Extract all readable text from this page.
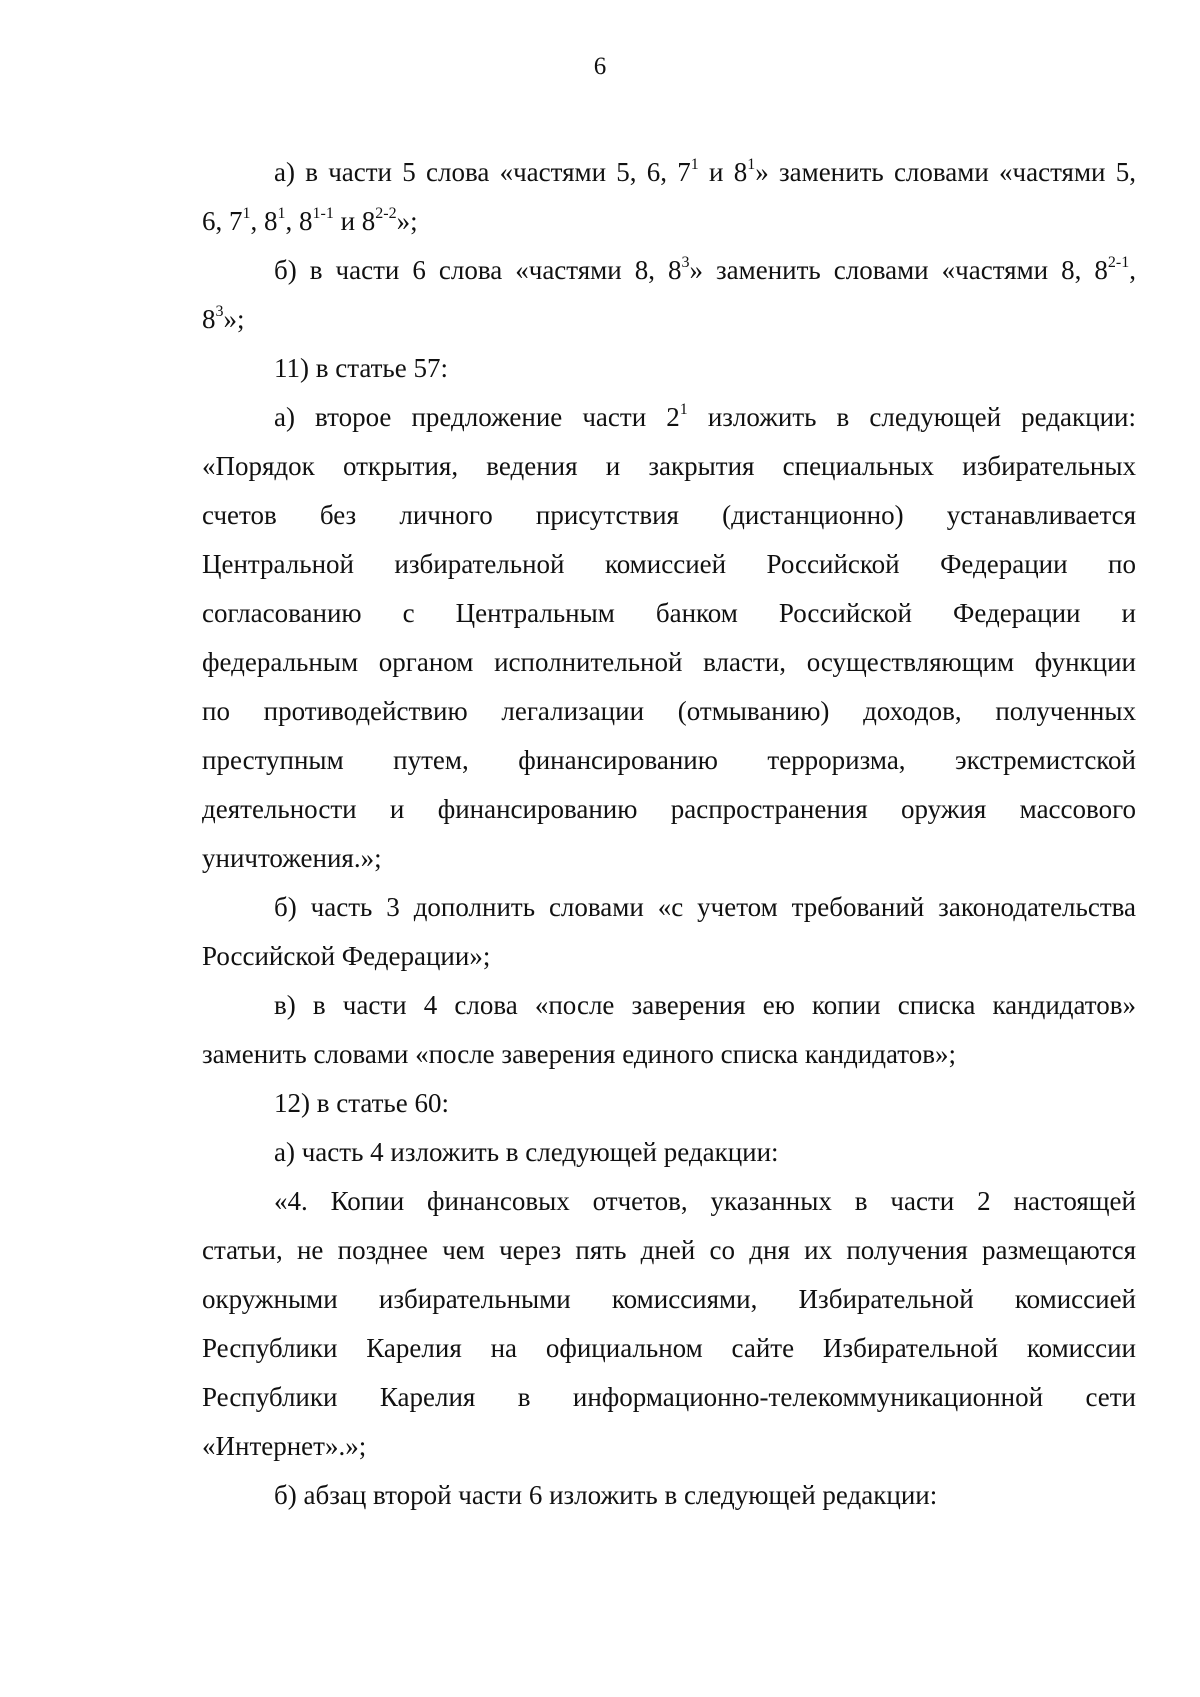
6
а) в части 5 слова «частями 5, 6, $7^1$ и $8^1$» заменить словами «частями 5,
6, $7^1$, $8^1$, 8$^{1-1}$ и 8$^{2-2}$»;
б) в части 6 слова «частями 8, $8^3$» заменить словами «частями 8, 8$^{2-1}$,
$8^3$»;
11) в статье 57:
а) второе предложение части $2^1$ изложить в следующей редакции:
«Порядок открытия, ведения и закрытия специальных избирательных
счетов без личного присутствия (дистанционно) устанавливается
Центральной избирательной комиссией Российской Федерации по
согласованию с Центральным банком Российской Федерации и
федеральным органом исполнительной власти, осуществляющим функции
по противодействию легализации (отмыванию) доходов, полученных
преступным путем, финансированию терроризма, экстремистской
деятельности и финансированию распространения оружия массового
уничтожения.»;
б) часть 3 дополнить словами «с учетом требований законодательства
Российской Федерации»;
в) в части 4 слова «после заверения ею копии списка кандидатов»
заменить словами «после заверения единого списка кандидатов»;
12) в статье 60:
а) часть 4 изложить в следующей редакции:
«4. Копии финансовых отчетов, указанных в части 2 настоящей
статьи, не позднее чем через пять дней со дня их получения размещаются
окружными избирательными комиссиями, Избирательной комиссией
Республики Карелия на официальном сайте Избирательной комиссии
Республики Карелия в информационно-телекоммуникационной сети
«Интернет».»;
б) абзац второй части 6 изложить в следующей редакции:
